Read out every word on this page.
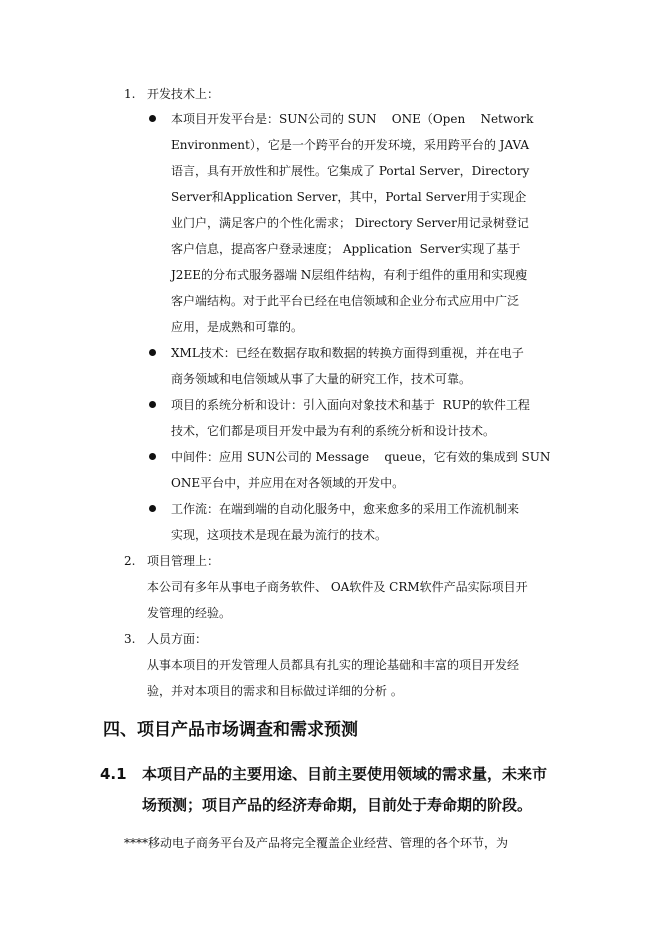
1. 开发技术上：
本项目开发平台是：SUN公司的 SUN    ONE（Open    Network
Environment），它是一个跨平台的开发环境，采用跨平台的 JAVA
语言，具有开放性和扩展性。它集成了 Portal Server，Directory
Server和Application Server，其中，Portal Server用于实现企
业门户，满足客户的个性化需求； Directory Server用记录树登记
客户信息，提高客户登录速度； Application  Server实现了基于
J2EE的分布式服务器端 N层组件结构，有利于组件的重用和实现瘦
客户端结构。对于此平台已经在电信领域和企业分布式应用中广泛
应用，是成熟和可靠的。
XML技术：已经在数据存取和数据的转换方面得到重视，并在电子
商务领域和电信领域从事了大量的研究工作，技术可靠。
项目的系统分析和设计：引入面向对象技术和基于  RUP的软件工程
技术，它们都是项目开发中最为有利的系统分析和设计技术。
中间件：应用 SUN公司的 Message    queue，它有效的集成到 SUN
ONE平台中，并应用在对各领域的开发中。
工作流：在端到端的自动化服务中，愈来愈多的采用工作流机制来
实现，这项技术是现在最为流行的技术。
2. 项目管理上：
本公司有多年从事电子商务软件、 OA软件及 CRM软件产品实际项目开
发管理的经验。
3. 人员方面：
从事本项目的开发管理人员都具有扎实的理论基础和丰富的项目开发经
验，并对本项目的需求和目标做过详细的分析 。
四、项目产品市场调查和需求预测
4.1 本项目产品的主要用途、目前主要使用领域的需求量，未来市
场预测；项目产品的经济寿命期，目前处于寿命期的阶段。
****移动电子商务平台及产品将完全覆盖企业经营、管理的各个环节，为
